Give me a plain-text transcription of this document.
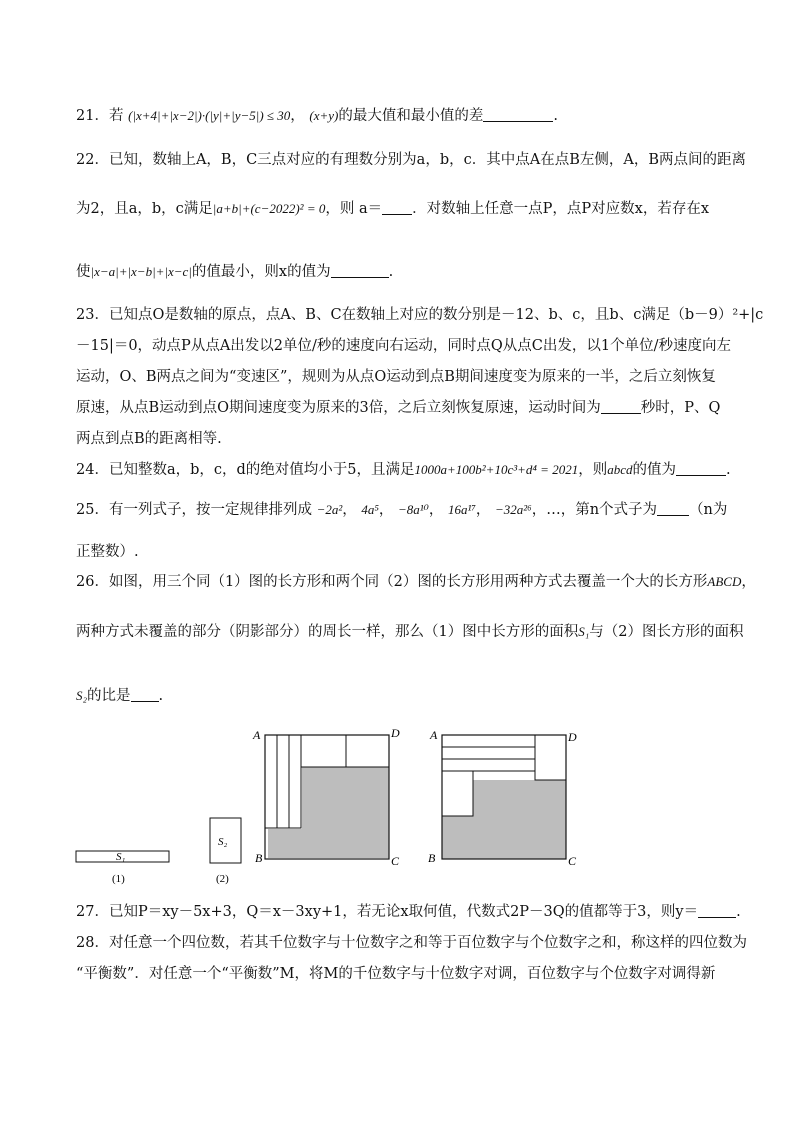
21．若 (|x+4|+|x−2|)·(|y|+|y−5|) ≤ 30， (x+y)的最大值和最小值的差	.
22．已知，数轴上A，B，C三点对应的有理数分别为a，b，c．其中点A在点B左侧，A，B两点间的距离
为2，且a，b，c满足|a+b|+(c−2022)² = 0，则 a＝ ．对数轴上任意一点P，点P对应数x，若存在x
使|x−a|+|x−b|+|x−c|的值最小，则x的值为	.
23．已知点O是数轴的原点，点A、B、C在数轴上对应的数分别是－12、b、c，且b、c满足（b－9）²+|c
－15|＝0，动点P从点A出发以2单位/秒的速度向右运动，同时点Q从点C出发，以1个单位/秒速度向左
运动，O、B两点之间为“变速区”，规则为从点O运动到点B期间速度变为原来的一半，之后立刻恢复
原速，从点B运动到点O期间速度变为原来的3倍，之后立刻恢复原速，运动时间为	秒时，P、Q
两点到点B的距离相等.
24．已知整数a，b，c，d的绝对值均小于5，且满足1000a+100b²+10c³+d⁴ = 2021，则abcd的值为	.
25．有一列式子，按一定规律排列成 −2a²， 4a⁵， −8a¹⁰， 16a¹⁷， −32a²⁶，…，第n个式子为 （n为
正整数）.
26．如图，用三个同（1）图的长方形和两个同（2）图的长方形用两种方式去覆盖一个大的长方形ABCD，
两种方式未覆盖的部分（阴影部分）的周长一样，那么（1）图中长方形的面积S₁与（2）图长方形的面积
S₂的比是 .
S₁
(1)
S₂
(2)
A	D
B	C
A	D
B	C
27．已知P＝xy－5x+3，Q＝x－3xy+1，若无论x取何值，代数式2P－3Q的值都等于3，则y＝	.
28．对任意一个四位数，若其千位数字与十位数字之和等于百位数字与个位数字之和，称这样的四位数为
“平衡数”．对任意一个“平衡数”M，将M的千位数字与十位数字对调，百位数字与个位数字对调得新
